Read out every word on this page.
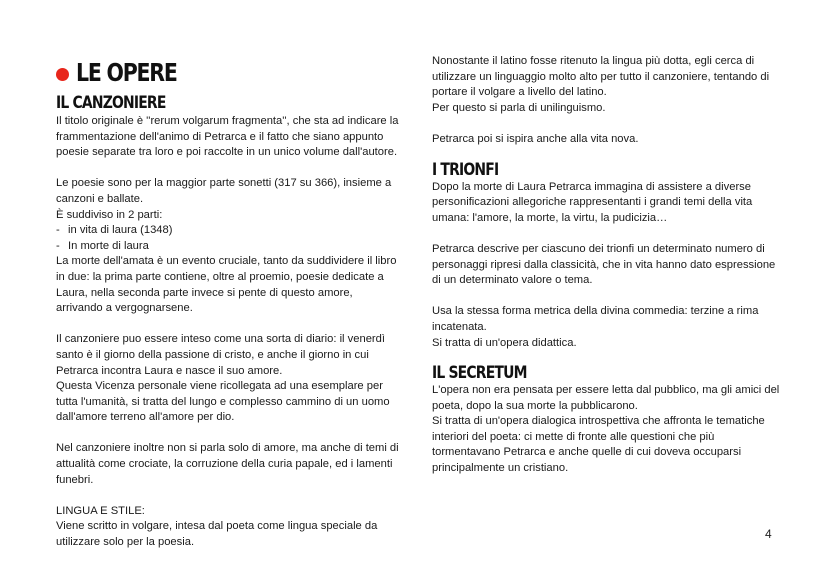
LE OPERE
IL CANZONIERE

Il titolo originale è ''rerum volgarum fragmenta'', che sta ad indicare la frammentazione dell'animo di Petrarca e il fatto che siano appunto poesie separate tra loro e poi raccolte in un unico volume dall'autore.

Le poesie sono per la maggior parte sonetti (317 su 366), insieme a canzoni e ballate.

È suddiviso in 2 parti:

- in vita di laura (1348)
- In morte di laura

La morte dell'amata è un evento cruciale, tanto da suddividere il libro in due: la prima parte contiene, oltre al proemio, poesie dedicate a Laura, nella seconda parte invece si pente di questo amore, arrivando a vergognarsene.

Il canzoniere puo essere inteso come una sorta di diario: il venerdì santo è il giorno della passione di cristo, e anche il giorno in cui Petrarca incontra Laura e nasce il suo amore.

Questa Vicenza personale viene ricollegata ad una esemplare per tutta l'umanità, si tratta del lungo e complesso cammino di un uomo dall'amore terreno all'amore per dio.

Nel canzoniere inoltre non si parla solo di amore, ma anche di temi di attualità come crociate, la corruzione della curia papale, ed i lamenti funebri.

LINGUA E STILE:

Viene scritto in volgare, intesa dal poeta come lingua speciale da utilizzare solo per la poesia.

Nonostante il latino fosse ritenuto la lingua più dotta, egli cerca di utilizzare un linguaggio molto alto per tutto il canzoniere, tentando di portare il volgare a livello del latino.

Per questo si parla di unilinguismo.

Petrarca poi si ispira anche alla vita nova.

I TRIONFI

Dopo la morte di Laura Petrarca immagina di assistere a diverse personificazioni allegoriche rappresentanti i grandi temi della vita umana: l'amore, la morte, la virtu, la pudicizia…

Petrarca descrive per ciascuno dei trionfi un determinato numero di personaggi ripresi dalla classicità, che in vita hanno dato espressione di un determinato valore o tema.

Usa la stessa forma metrica della divina commedia: terzine a rima incatenata.

Si tratta di un'opera didattica.

IL SECRETUM

L'opera non era pensata per essere letta dal pubblico, ma gli amici del poeta, dopo la sua morte la pubblicarono.

Si tratta di un'opera dialogica introspettiva che affronta le tematiche interiori del poeta: ci mette di fronte alle questioni che più tormentavano Petrarca e anche quelle di cui doveva occuparsi principalmente un cristiano.

4
